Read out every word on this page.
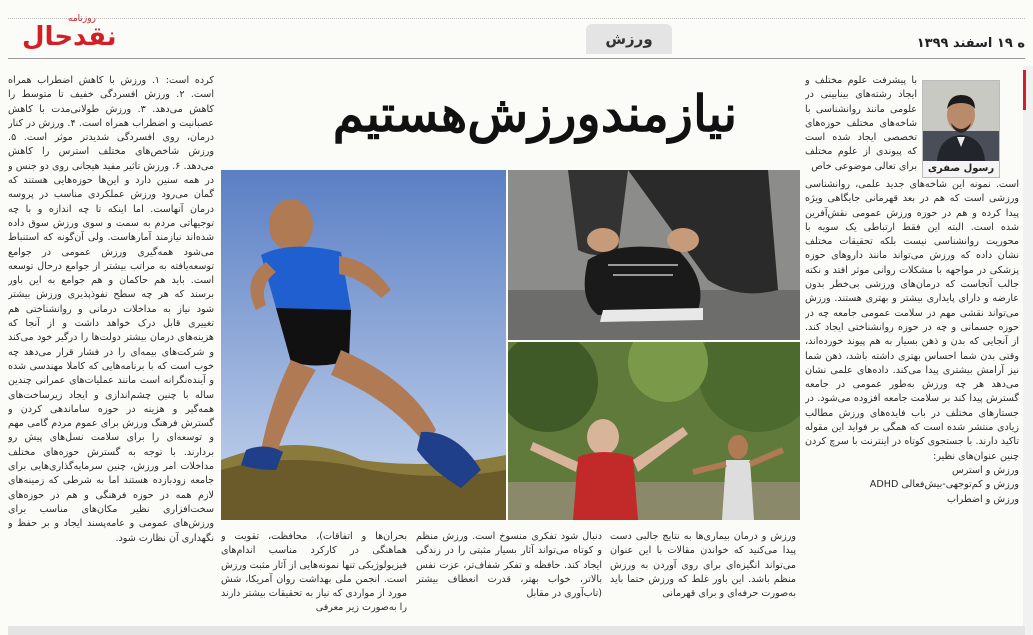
روزنامه
نقدحال	ورزش	ه ۱۹ اسفند ۱۳۹۹
نیازمندورزش‌هستیم
رسول صفری
با پیشرفت علوم مختلف و ایجاد رشته‌های بینابینی در علومی مانند روانشناسی با شاخه‌های مختلف حوزه‌های تخصصی ایجاد شده است که پیوندی از علوم مختلف برای تعالی موضوعی خاص
است. نمونه این شاخه‌های جدید علمی، روانشناسی ورزشی است که هم در بعد قهرمانی جایگاهی ویژه پیدا کرده و هم در حوزه ورزش عمومی نقش‌آفرین شده است. البته این فقط ارتباطی یک سویه با محوریت روانشناسی نیست بلکه تحقیقات مختلف نشان داده که ورزش می‌تواند مانند داروهای حوزه پزشکی در مواجهه با مشکلات روانی موثر افتد و نکته جالب آنجاست که درمان‌های ورزشی بی‌خطر بدون عارضه و دارای پایداری بیشتر و بهتری هستند. ورزش می‌تواند نقشی مهم در سلامت عمومی جامعه چه در حوزه جسمانی و چه در حوزه روانشناختی ایجاد کند. از آنجایی که بدن و ذهن بسیار به هم پیوند خورده‌اند، وقتی بدن شما احساس بهتری داشته باشد، ذهن شما نیز آرامش بیشتری پیدا می‌کند. داده‌های علمی نشان می‌دهد هر چه ورزش به‌طور عمومی در جامعه گسترش پیدا کند بر سلامت جامعه افزوده می‌شود. در جستارهای مختلف در باب فایده‌های ورزش مطالب زیادی منتشر شده است که همگی بر فواید این مقوله تاکید دارند. با جستجوی کوتاه در اینترنت با سرچ کردن چنین عنوان‌های نظیر:
ورزش و استرس
ورزش و کم‌توجهی-بیش‌فعالی ADHD
ورزش و اضطراب
کرده است: ۱. ورزش با کاهش اضطراب همراه است. ۲. ورزش افسردگی خفیف تا متوسط را کاهش می‌دهد. ۳. ورزش طولانی‌مدت با کاهش عصبانیت و اضطراب همراه است. ۴. ورزش در کنار درمان، روی افسردگی شدید‌تر موثر است. ۵. ورزش شاخص‌های مختلف استرس را کاهش می‌دهد. ۶. ورزش تاثیر مفید هیجانی روی دو جنس و در همه سنین دارد و این‌ها حوزه‌هایی هستند که گمان می‌رود ورزش عملکردی مناسب در پروسه درمان آنهاست. اما اینکه تا چه اندازه و با چه توجیهاتی مردم به سمت و سوی ورزش سوق داده شده‌اند نیازمند آمارهاست. ولی آن‌گونه که استنباط می‌شود همه‌گیری ورزش عمومی در جوامع توسعه‌یافته به مراتب بیشتر از جوامع درحال توسعه است. باید هم حاکمان و هم جوامع به این باور برسند که هر چه سطح نفوذپذیری ورزش بیشتر شود نیاز به مداخلات درمانی و روانشناختی هم تغییری قابل درک خواهد داشت و از آنجا که هزینه‌های درمان بیشتر دولت‌ها را درگیر خود می‌کند و شرکت‌های بیمه‌ای را در فشار قرار می‌دهد چه خوب است که با برنامه‌هایی که کاملا مهندسی شده و آینده‌نگرانه است مانند عملیات‌های عمرانی چندین ساله با چنین چشم‌اندازی و ایجاد زیرساخت‌های همه‌گیر و هزینه در حوزه ساماندهی کردن و گسترش فرهنگ ورزش برای عموم مردم گامی مهم و توسعه‌ای را برای سلامت نسل‌های پیش رو بردارند. با توجه به گسترش حوزه‌های مختلف مداخلات امر ورزش، چنین سرمایه‌گذاری‌هایی برای جامعه زودبازده هستند اما به شرطی که زمینه‌های لازم همه در حوزه فرهنگی و هم در حوزه‌های سخت‌افزاری نظیر مکان‌های مناسب برای ورزش‌های عمومی و عامه‌پسند ایجاد و بر حفظ و نگهداری آن نظارت شود.	ورزش و درمان بیماری‌ها به نتایج جالبی دست پیدا می‌کنید که خواندن مقالات با این عنوان می‌تواند انگیزه‌ای برای روی آوردن به ورزش منظم باشد. این باور غلط که ورزش حتما باید به‌صورت حرفه‌ای و برای قهرمانی
دنبال شود تفکری منسوخ است. ورزش منظم و کوتاه می‌تواند آثار بسیار مثبتی را در زندگی ایجاد کند. حافظه و تفکر شفاف‌تر، عزت نفس بالاتر، خواب بهتر، قدرت انعطاف بیشتر (تاب‌آوری در مقابل
بحران‌ها و اتفاقات)، محافظت، تقویت و هماهنگی در کارکرد مناسب اندام‌های فیزیولوژیکی تنها نمونه‌هایی از آثار مثبت ورزش است. انجمن ملی بهداشت روان آمریکا، شش مورد از مواردی که نیاز به تحقیقات بیشتر دارند را به‌صورت زیر معرفی
